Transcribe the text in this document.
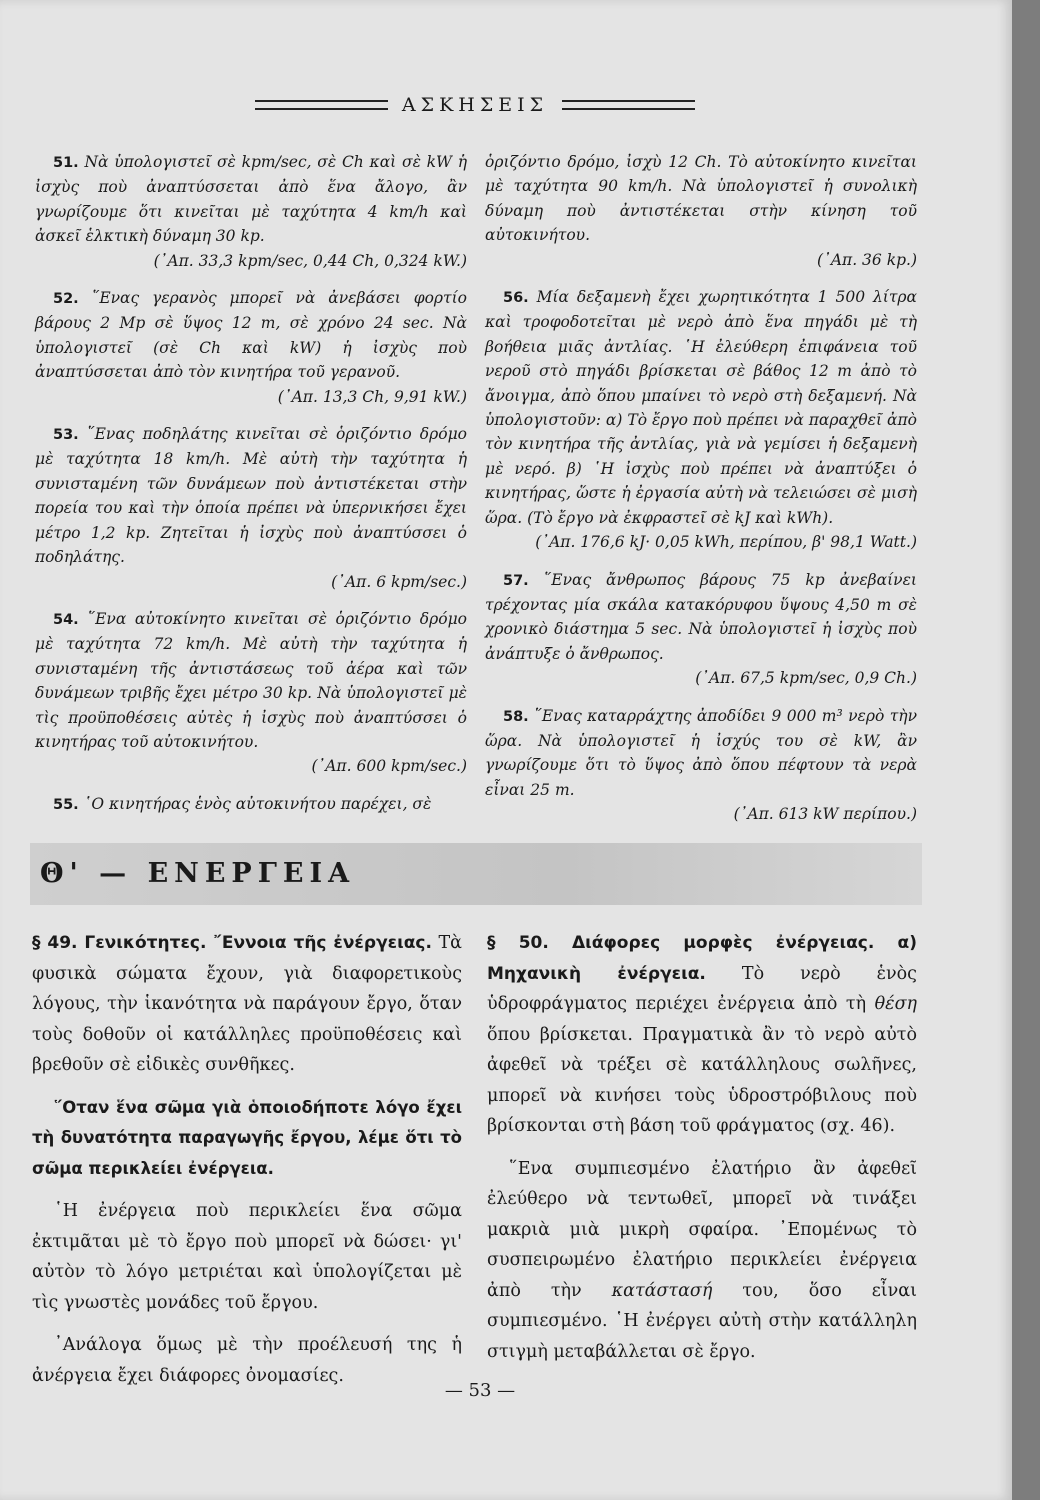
ΑΣΚΗΣΕΙΣ

51. Νὰ ὑπολογιστεῖ σὲ kpm/sec, σὲ Ch καὶ σὲ kW ἡ ἰσχὺς ποὺ ἀναπτύσσεται ἀπὸ ἕνα ἄλογο, ἂν γνωρίζουμε ὅτι κινεῖται μὲ ταχύτητα 4 km/h καὶ ἀσκεῖ ἑλκτικὴ δύναμη 30 kp.

(᾿Απ. 33,3 kpm/sec, 0,44 Ch, 0,324 kW.)

52. ῞Ενας γερανὸς μπορεῖ νὰ ἀνεβάσει φορτίο βάρους 2 Mp σὲ ὕψος 12 m, σὲ χρόνο 24 sec. Νὰ ὑπολογιστεῖ (σὲ Ch καὶ kW) ἡ ἰσχὺς ποὺ ἀναπτύσσεται ἀπὸ τὸν κινητήρα τοῦ γερανοῦ.

(᾿Απ. 13,3 Ch, 9,91 kW.)

53. ῞Ενας ποδηλάτης κινεῖται σὲ ὁριζόντιο δρόμο μὲ ταχύτητα 18 km/h. Μὲ αὐτὴ τὴν ταχύτητα ἡ συνισταμένη τῶν δυνάμεων ποὺ ἀντιστέκεται στὴν πορεία του καὶ τὴν ὁποία πρέπει νὰ ὑπερνικήσει ἔχει μέτρο 1,2 kp. Ζητεῖται ἡ ἰσχὺς ποὺ ἀναπτύσσει ὁ ποδηλάτης.

(᾿Απ. 6 kpm/sec.)

54. ῞Ενα αὐτοκίνητο κινεῖται σὲ ὁριζόντιο δρόμο μὲ ταχύτητα 72 km/h. Μὲ αὐτὴ τὴν ταχύτητα ἡ συνισταμένη τῆς ἀντιστάσεως τοῦ ἀέρα καὶ τῶν δυνάμεων τριβῆς ἔχει μέτρο 30 kp. Νὰ ὑπολογιστεῖ μὲ τὶς προϋποθέσεις αὐτὲς ἡ ἰσχὺς ποὺ ἀναπτύσσει ὁ κινητήρας τοῦ αὐτοκινήτου.

(᾿Απ. 600 kpm/sec.)

55. ῾Ο κινητήρας ἑνὸς αὐτοκινήτου παρέχει, σὲ

ὁριζόντιο δρόμο, ἰσχὺ 12 Ch. Τὸ αὐτοκίνητο κινεῖται μὲ ταχύτητα 90 km/h. Νὰ ὑπολογιστεῖ ἡ συνολικὴ δύναμη ποὺ ἀντιστέκεται στὴν κίνηση τοῦ αὐτοκινήτου.

(᾿Απ. 36 kp.)

56. Μία δεξαμενὴ ἔχει χωρητικότητα 1 500 λίτρα καὶ τροφοδοτεῖται μὲ νερὸ ἀπὸ ἕνα πηγάδι μὲ τὴ βοήθεια μιᾶς ἀντλίας. ῾Η ἐλεύθερη ἐπιφάνεια τοῦ νεροῦ στὸ πηγάδι βρίσκεται σὲ βάθος 12 m ἀπὸ τὸ ἄνοιγμα, ἀπὸ ὅπου μπαίνει τὸ νερὸ στὴ δεξαμενή. Νὰ ὑπολογιστοῦν: α) Τὸ ἔργο ποὺ πρέπει νὰ παραχθεῖ ἀπὸ τὸν κινητήρα τῆς ἀντλίας, γιὰ νὰ γεμίσει ἡ δεξαμενὴ μὲ νερό. β) ῾Η ἰσχὺς ποὺ πρέπει νὰ ἀναπτύξει ὁ κινητήρας, ὥστε ἡ ἐργασία αὐτὴ νὰ τελειώσει σὲ μισὴ ὥρα. (Τὸ ἔργο νὰ ἐκφραστεῖ σὲ kJ καὶ kWh).

(᾿Απ. 176,6 kJ· 0,05 kWh, περίπου, β' 98,1 Watt.)

57. ῞Ενας ἄνθρωπος βάρους 75 kp ἀνεβαίνει τρέχοντας μία σκάλα κατακόρυφου ὕψους 4,50 m σὲ χρονικὸ διάστημα 5 sec. Νὰ ὑπολογιστεῖ ἡ ἰσχὺς ποὺ ἀνάπτυξε ὁ ἄνθρωπος.

(᾿Απ. 67,5 kpm/sec, 0,9 Ch.)

58. ῞Ενας καταρράχτης ἀποδίδει 9 000 m³ νερὸ τὴν ὥρα. Νὰ ὑπολογιστεῖ ἡ ἰσχύς του σὲ kW, ἂν γνωρίζουμε ὅτι τὸ ὕψος ἀπὸ ὅπου πέφτουν τὰ νερὰ εἶναι 25 m.

(᾿Απ. 613 kW περίπου.)

Θ' — ΕΝΕΡΓΕΙΑ

§ 49. Γενικότητες. ῎Εννοια τῆς ἐνέργειας. Τὰ φυσικὰ σώματα ἔχουν, γιὰ διαφορετικοὺς λόγους, τὴν ἱκανότητα νὰ παράγουν ἔργο, ὅταν τοὺς δοθοῦν οἱ κατάλληλες προϋποθέσεις καὶ βρεθοῦν σὲ εἰδικὲς συνθῆκες.

῞Οταν ἕνα σῶμα γιὰ ὁποιοδήποτε λόγο ἔχει τὴ δυνατότητα παραγωγῆς ἔργου, λέμε ὅτι τὸ σῶμα περικλείει ἐνέργεια.

῾Η ἐνέργεια ποὺ περικλείει ἕνα σῶμα ἐκτιμᾶται μὲ τὸ ἔργο ποὺ μπορεῖ νὰ δώσει· γι' αὐτὸν τὸ λόγο μετριέται καὶ ὑπολογίζεται μὲ τὶς γνωστὲς μονάδες τοῦ ἔργου.

᾿Ανάλογα ὅμως μὲ τὴν προέλευσή της ἡ ἀνέργεια ἔχει διάφορες ὀνομασίες.

§ 50. Διάφορες μορφὲς ἐνέργειας. α) Μηχανικὴ ἐνέργεια. Τὸ νερὸ ἑνὸς ὑδροφράγματος περιέχει ἐνέργεια ἀπὸ τὴ θέση ὅπου βρίσκεται. Πραγματικὰ ἂν τὸ νερὸ αὐτὸ ἀφεθεῖ νὰ τρέξει σὲ κατάλληλους σωλῆνες, μπορεῖ νὰ κινήσει τοὺς ὑδροστρόβιλους ποὺ βρίσκονται στὴ βάση τοῦ φράγματος (σχ. 46).

῞Ενα συμπιεσμένο ἐλατήριο ἂν ἀφεθεῖ ἐλεύθερο νὰ τεντωθεῖ, μπορεῖ νὰ τινάξει μακριὰ μιὰ μικρὴ σφαίρα. ᾿Επομένως τὸ συσπειρωμένο ἐλατήριο περικλείει ἐνέργεια ἀπὸ τὴν κατάστασή του, ὅσο εἶναι συμπιεσμένο. ῾Η ἐνέργει αὐτὴ στὴν κατάλληλη στιγμὴ μεταβάλλεται σὲ ἔργο.

— 53 —
